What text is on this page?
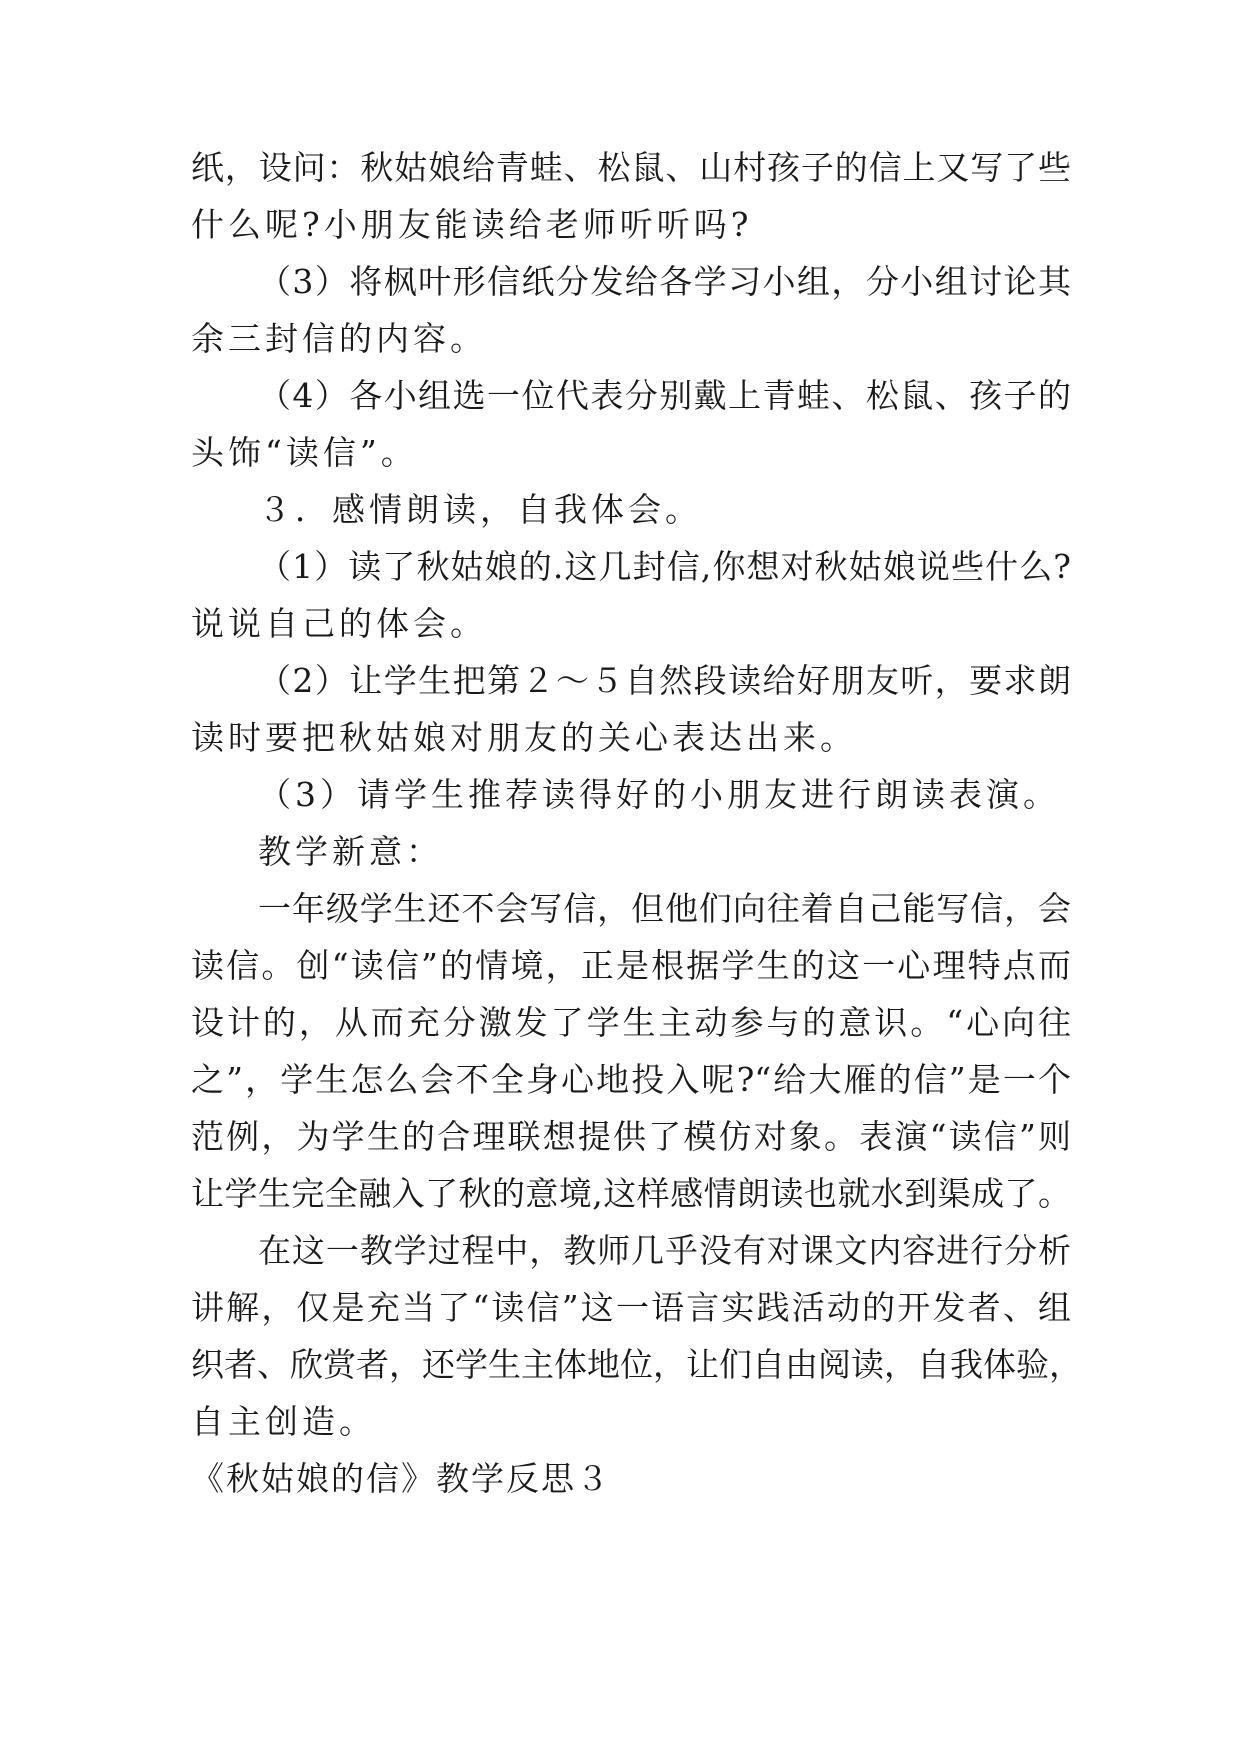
纸，设问：秋姑娘给青蛙、松鼠、山村孩子的信上又写了些
什么呢?小朋友能读给老师听听吗?
（3）将枫叶形信纸分发给各学习小组，分小组讨论其
余三封信的内容。
（4）各小组选一位代表分别戴上青蛙、松鼠、孩子的
头饰“读信”。
３．感情朗读，自我体会。
（1）读了秋姑娘的.这几封信,你想对秋姑娘说些什么?
说说自己的体会。
（2）让学生把第２～５自然段读给好朋友听，要求朗
读时要把秋姑娘对朋友的关心表达出来。
（3）请学生推荐读得好的小朋友进行朗读表演。
教学新意：
一年级学生还不会写信，但他们向往着自己能写信，会
读信。创“读信”的情境，正是根据学生的这一心理特点而
设计的，从而充分激发了学生主动参与的意识。“心向往
之”，学生怎么会不全身心地投入呢?“给大雁的信”是一个
范例，为学生的合理联想提供了模仿对象。表演“读信”则
让学生完全融入了秋的意境,这样感情朗读也就水到渠成了。
在这一教学过程中，教师几乎没有对课文内容进行分析
讲解，仅是充当了“读信”这一语言实践活动的开发者、组
织者、欣赏者，还学生主体地位，让们自由阅读，自我体验，
自主创造。
《秋姑娘的信》教学反思３
